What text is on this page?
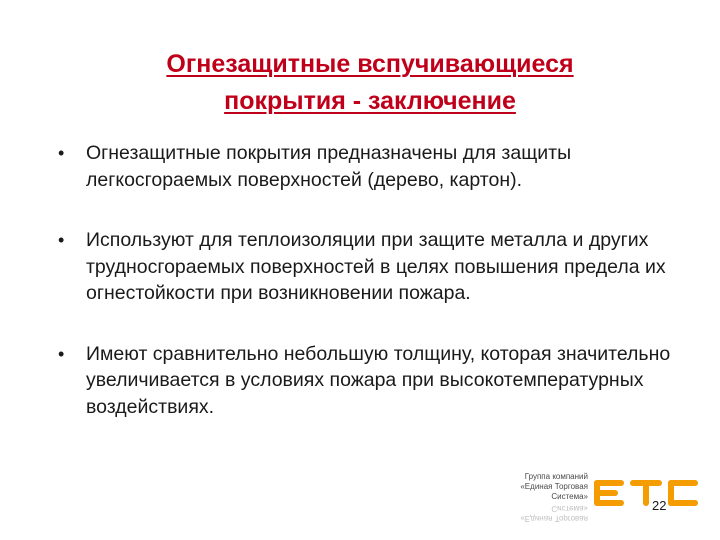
Огнезащитные вспучивающиеся
покрытия - заключение
• Огнезащитные покрытия предназначены для защиты легкосгораемых поверхностей (дерево, картон).
• Используют для теплоизоляции при защите металла и других трудносгораемых поверхностей в целях повышения предела их огнестойкости при возникновении пожара.
• Имеют сравнительно небольшую толщину, которая значительно увеличивается в условиях пожара при высокотемпературных воздействиях.
Группа компаний
«Единая Торговая Система»
«Единая Торговая Система»	22
